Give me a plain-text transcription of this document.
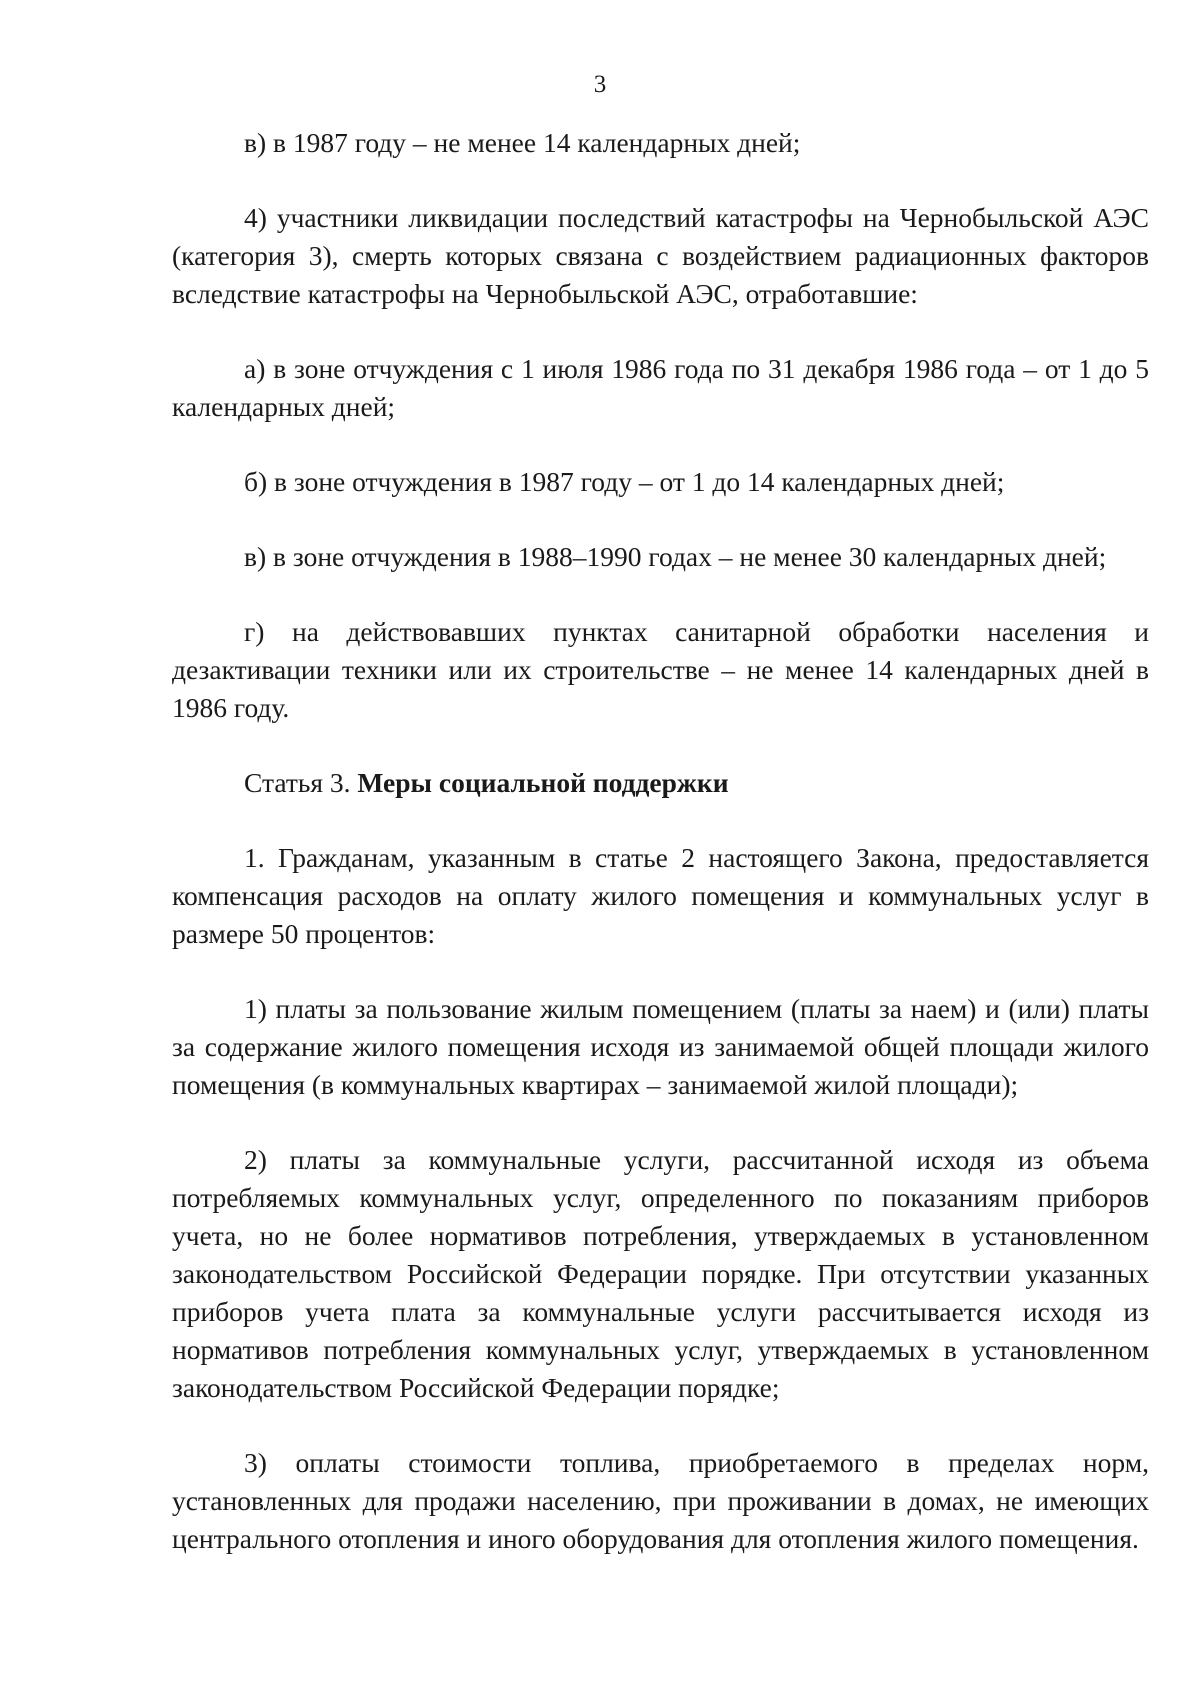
3

в) в 1987 году – не менее 14 календарных дней;

4) участники ликвидации последствий катастрофы на Чернобыльской АЭС (категория 3), смерть которых связана с воздействием радиационных факторов вследствие катастрофы на Чернобыльской АЭС, отработавшие:

а) в зоне отчуждения с 1 июля 1986 года по 31 декабря 1986 года – от 1 до 5 календарных дней;

б) в зоне отчуждения в 1987 году – от 1 до 14 календарных дней;

в) в зоне отчуждения в 1988–1990 годах – не менее 30 календарных дней;

г) на действовавших пунктах санитарной обработки населения и дезактивации техники или их строительстве – не менее 14 календарных дней в 1986 году.

Статья 3. Меры социальной поддержки

1. Гражданам, указанным в статье 2 настоящего Закона, предоставляется компенсация расходов на оплату жилого помещения и коммунальных услуг в размере 50 процентов:

1) платы за пользование жилым помещением (платы за наем) и (или) платы за содержание жилого помещения исходя из занимаемой общей площади жилого помещения (в коммунальных квартирах – занимаемой жилой площади);

2) платы за коммунальные услуги, рассчитанной исходя из объема потребляемых коммунальных услуг, определенного по показаниям приборов учета, но не более нормативов потребления, утверждаемых в установленном законодательством Российской Федерации порядке. При отсутствии указанных приборов учета плата за коммунальные услуги рассчитывается исходя из нормативов потребления коммунальных услуг, утверждаемых в установленном законодательством Российской Федерации порядке;

3) оплаты стоимости топлива, приобретаемого в пределах норм, установленных для продажи населению, при проживании в домах, не имеющих центрального отопления и иного оборудования для отопления жилого помещения.
